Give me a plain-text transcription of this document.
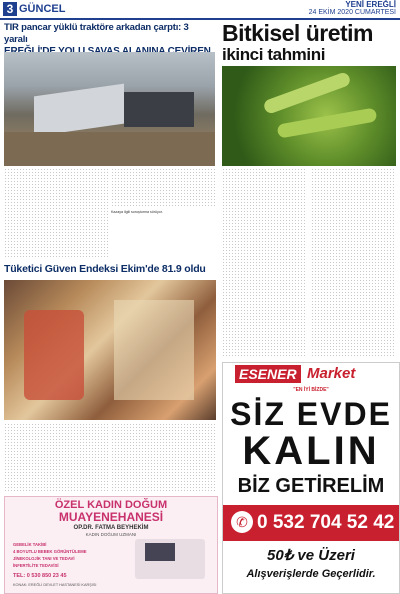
3 GÜNCEL	YENİ EREĞLİ
24 EKİM 2020 CUMARTESİ
TIR pancar yüklü traktöre arkadan çarptı: 3 yaralı
Kazaya ilgili soruşturma sürüyor.
Tüketici Güven Endeksi Ekim'de 81.9 oldu
Bitkisel üretim
ikinci tahmini
ESENER Market
"EN İYİ BİZDE"
SİZ EVDE
KALIN
BİZ GETİRELİM
✆ 0 532 704 52 42
50₺ ve Üzeri
Alışverişlerde Geçerlidir.
ÖZEL KADIN DOĞUM
MUAYENEHANESİ
OP.DR. FATMA BEYHEKİM
KADIN DOĞUM UZMANI
GEBELİK TAKİBİ
4 BOYUTLU BEBEK GÖRÜNTÜLEME
JİNEKOLOJİK TANI VE TEDAVİ
İNFERTİLİTE TEDAVİSİ
TEL: 0 530 850 23 45
KONAK: EREĞLİ DEVLET HASTANESİ KARŞISI
